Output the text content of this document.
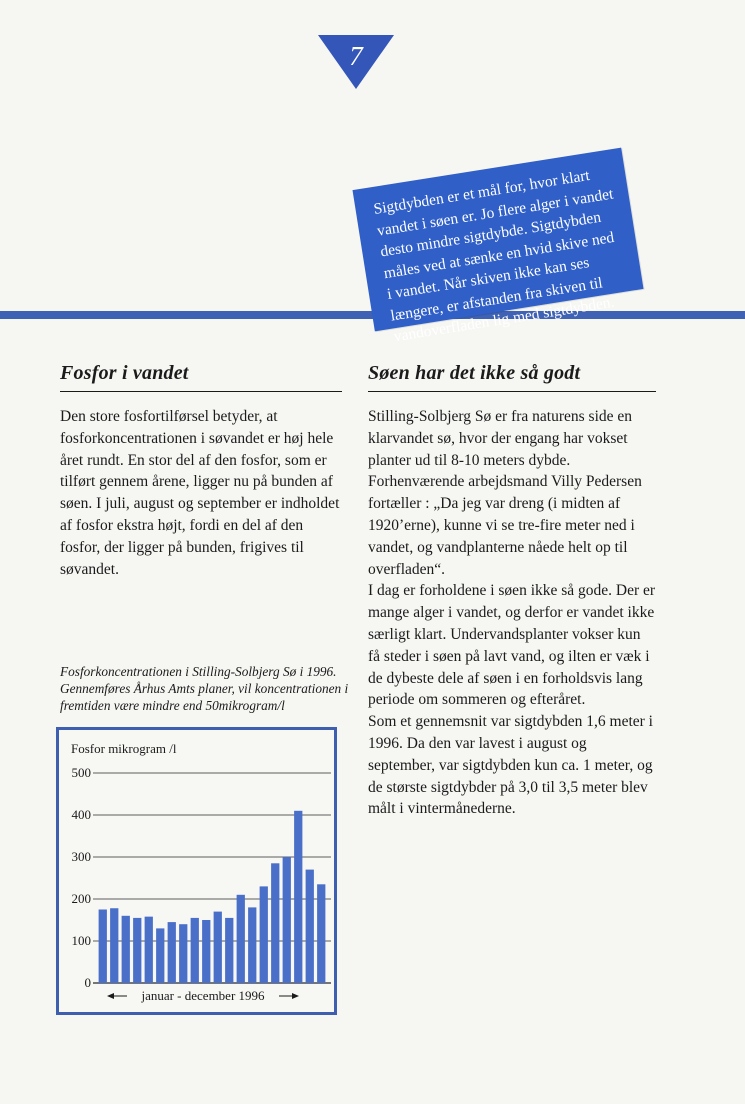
7

Sigtdybden er et mål for, hvor klart vandet i søen er. Jo flere alger i vandet desto mindre sigtdybde. Sigtdybden måles ved at sænke en hvid skive ned i vandet. Når skiven ikke kan ses længere, er afstanden fra skiven til vandoverfladen lig med sigtdybden.

Fosfor i vandet

Den store fosfortilførsel betyder, at fosforkoncentrationen i søvandet er høj hele året rundt. En stor del af den fosfor, som er tilført gennem årene, ligger nu på bunden af søen. I juli, august og september er indholdet af fosfor ekstra højt, fordi en del af den fosfor, der ligger på bunden, frigives til søvandet.

Fosforkoncentrationen i Stilling-Solbjerg Sø i 1996. Gennemføres Århus Amts planer, vil koncentrationen i fremtiden være mindre end 50mikrogram/l

Fosfor mikrogram /l
0
100
200
300
400
500
januar - december 1996
Søen har det ikke så godt

Stilling-Solbjerg Sø er fra naturens side en klarvandet sø, hvor der engang har vokset planter ud til 8-10 meters dybde. Forhenværende arbejdsmand Villy Pedersen fortæller : „Da jeg var dreng (i midten af 1920’erne), kunne vi se tre-fire meter ned i vandet, og vandplanterne nåede helt op til overfladen“.

I dag er forholdene i søen ikke så gode. Der er mange alger i vandet, og derfor er vandet ikke særligt klart. Undervandsplanter vokser kun få steder i søen på lavt vand, og ilten er væk i de dybeste dele af søen i en forholdsvis lang periode om sommeren og efteråret.

Som et gennemsnit var sigtdybden 1,6 meter i 1996. Da den var lavest i august og september, var sigtdybden kun ca. 1 meter, og de største sigtdybder på 3,0 til 3,5 meter blev målt i vintermånederne.
